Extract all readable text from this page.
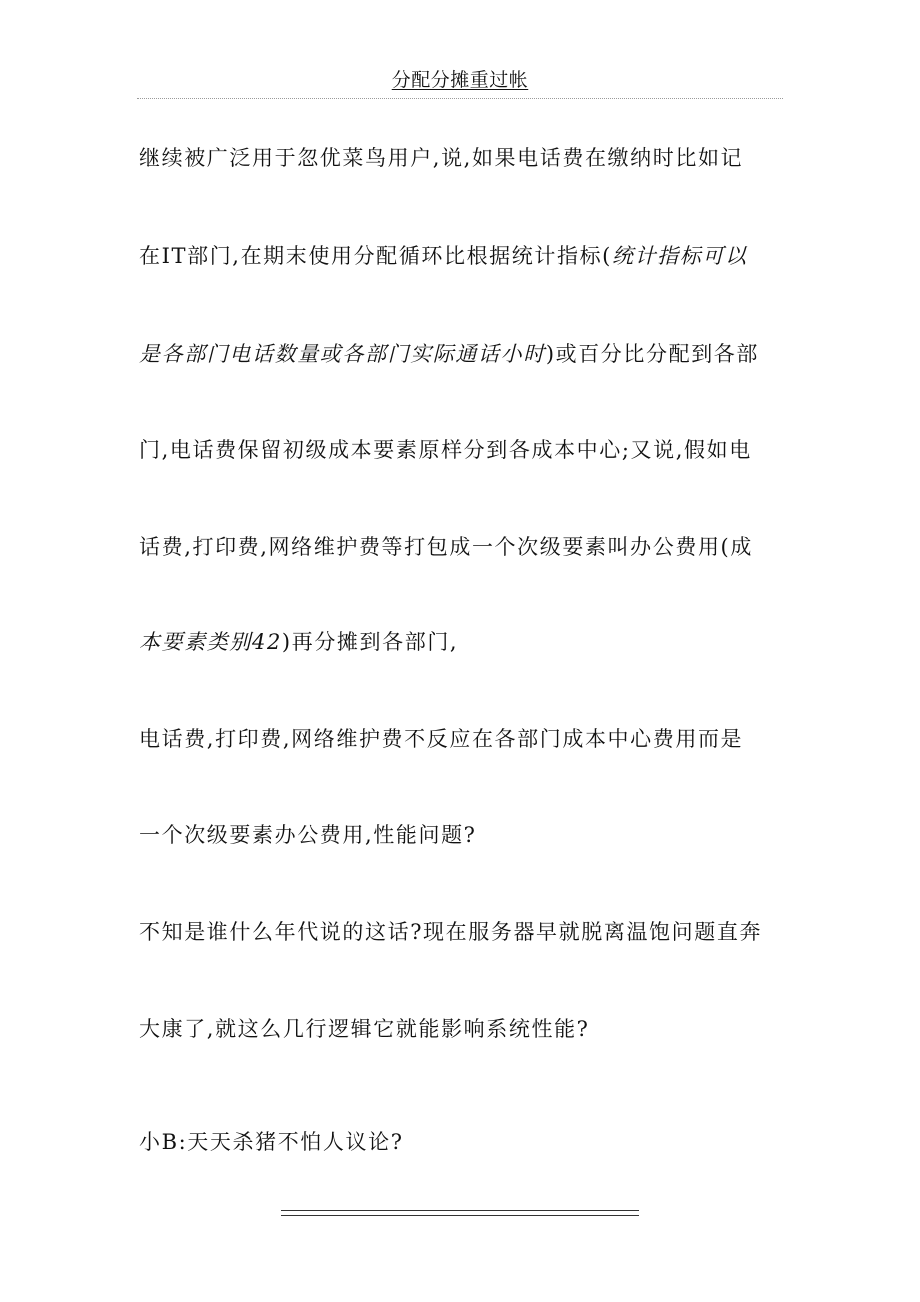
分配分摊重过帐
继续被广泛用于忽优菜鸟用户,说,如果电话费在缴纳时比如记
在IT部门,在期末使用分配循环比根据统计指标(统计指标可以
是各部门电话数量或各部门实际通话小时)或百分比分配到各部
门,电话费保留初级成本要素原样分到各成本中心;又说,假如电
话费,打印费,网络维护费等打包成一个次级要素叫办公费用(成
本要素类别42)再分摊到各部门,
电话费,打印费,网络维护费不反应在各部门成本中心费用而是
一个次级要素办公费用,性能问题?
不知是谁什么年代说的这话?现在服务器早就脱离温饱问题直奔
大康了,就这么几行逻辑它就能影响系统性能?
小B:天天杀猪不怕人议论?
